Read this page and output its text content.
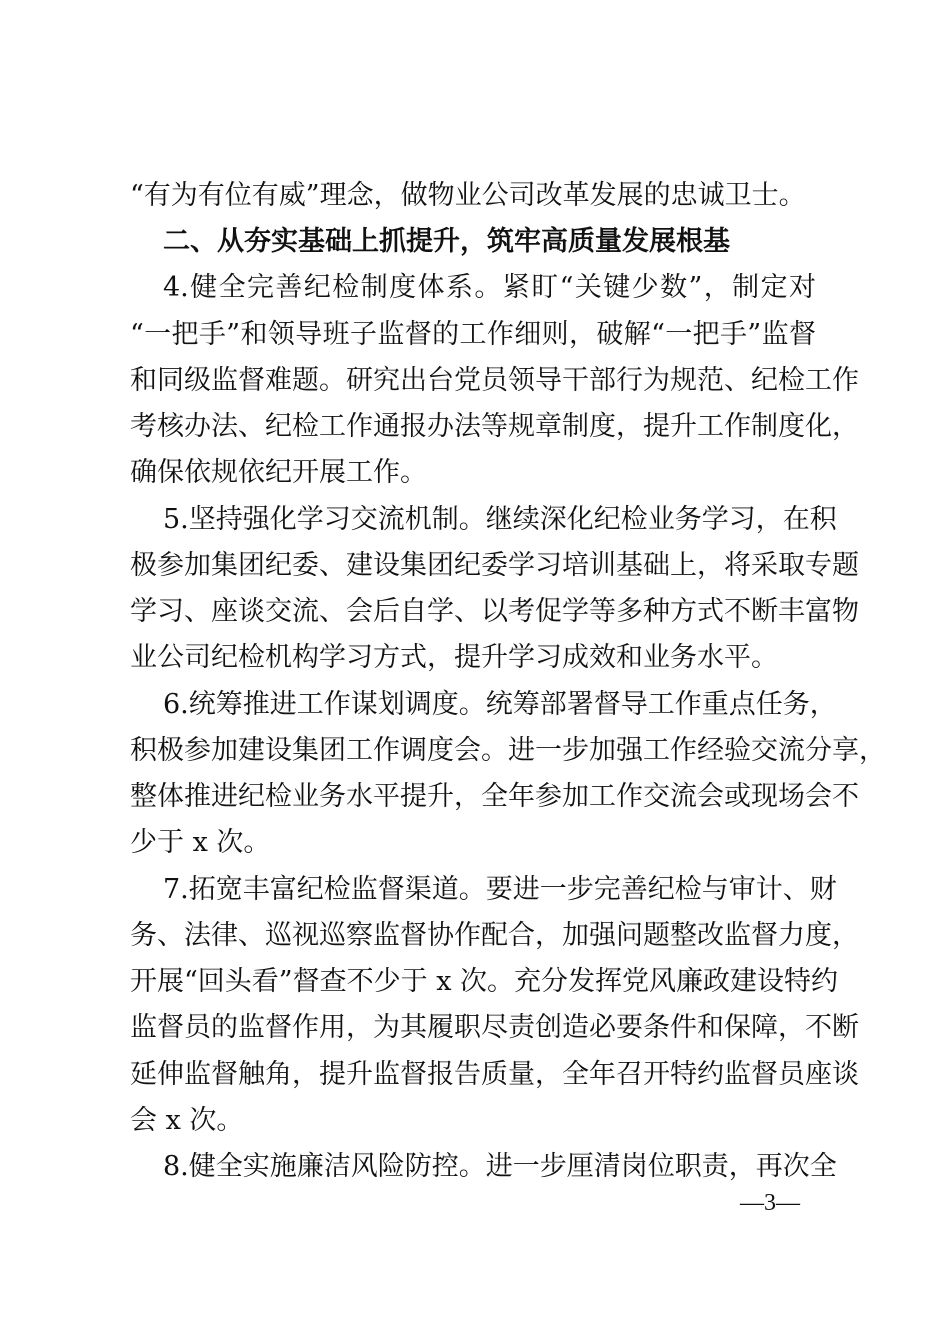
“有为有位有威”理念，做物业公司改革发展的忠诚卫士。
二、从夯实基础上抓提升，筑牢高质量发展根基
4.健全完善纪检制度体系。紧盯“关键少数”，制定对
“一把手”和领导班子监督的工作细则，破解“一把手”监督
和同级监督难题。研究出台党员领导干部行为规范、纪检工作
考核办法、纪检工作通报办法等规章制度，提升工作制度化，
确保依规依纪开展工作。
5.坚持强化学习交流机制。继续深化纪检业务学习，在积
极参加集团纪委、建设集团纪委学习培训基础上，将采取专题
学习、座谈交流、会后自学、以考促学等多种方式不断丰富物
业公司纪检机构学习方式，提升学习成效和业务水平。
6.统筹推进工作谋划调度。统筹部署督导工作重点任务，
积极参加建设集团工作调度会。进一步加强工作经验交流分享，
整体推进纪检业务水平提升，全年参加工作交流会或现场会不
少于 x 次。
7.拓宽丰富纪检监督渠道。要进一步完善纪检与审计、财
务、法律、巡视巡察监督协作配合，加强问题整改监督力度，
开展“回头看”督查不少于 x 次。充分发挥党风廉政建设特约
监督员的监督作用，为其履职尽责创造必要条件和保障，不断
延伸监督触角，提升监督报告质量，全年召开特约监督员座谈
会 x 次。
8.健全实施廉洁风险防控。进一步厘清岗位职责，再次全
—3—
